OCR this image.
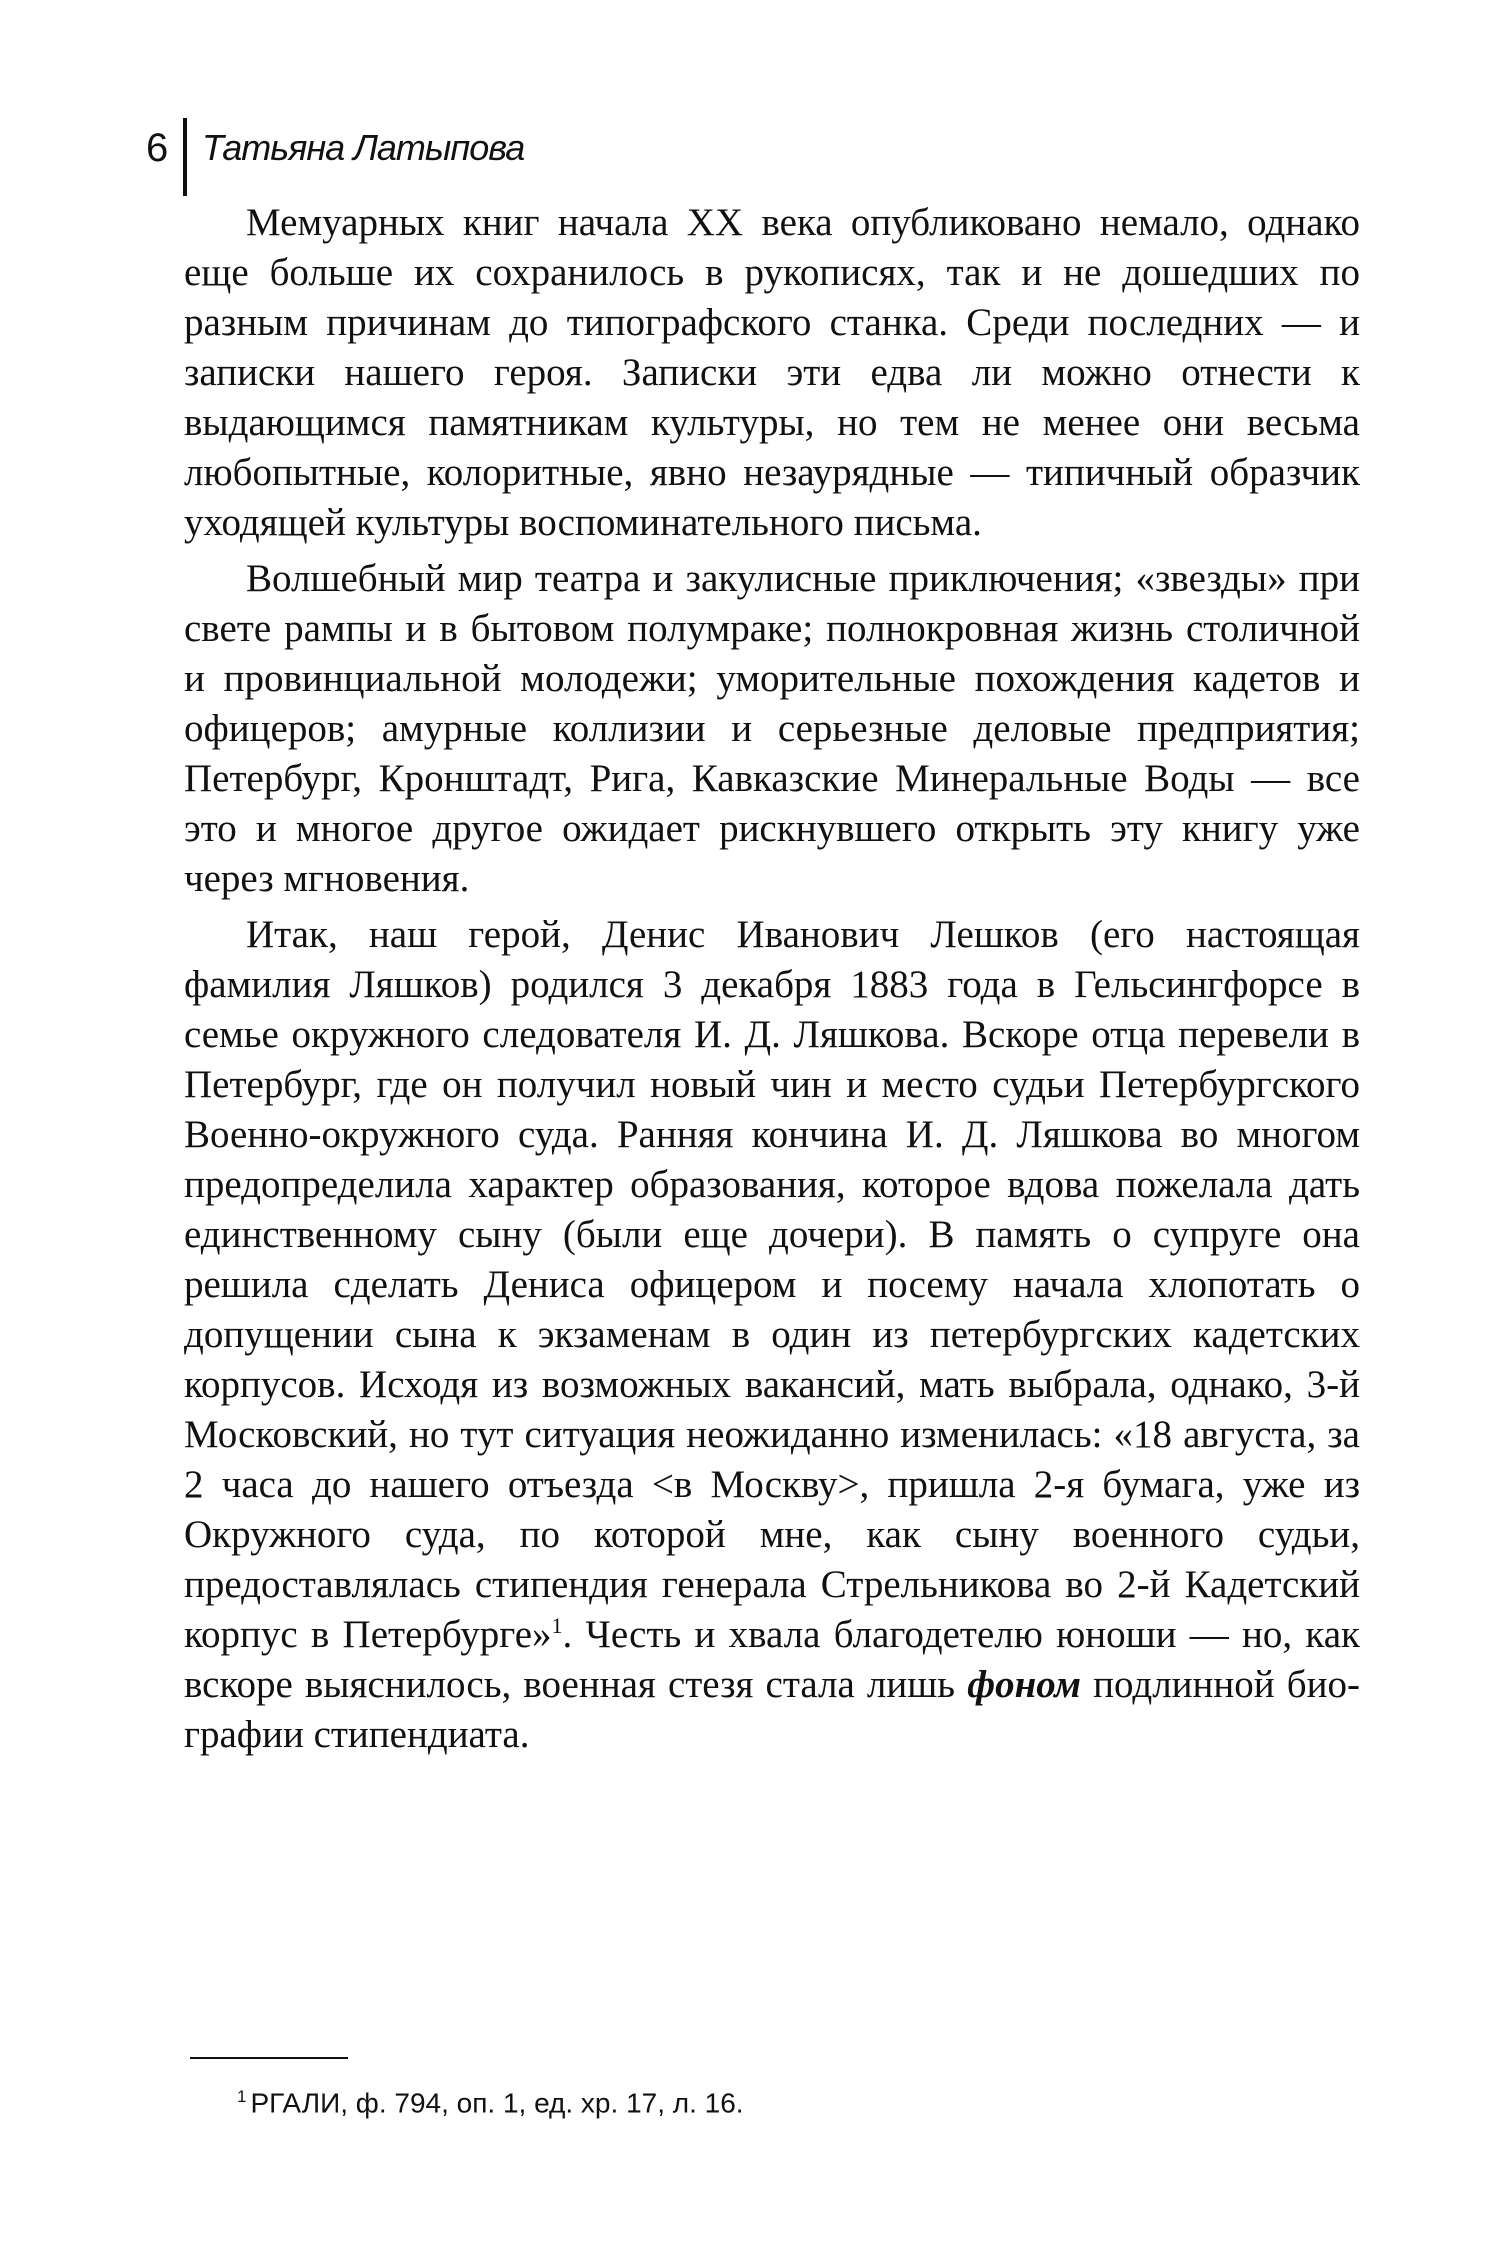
6 Татьяна Латыпова

Мемуарных книг начала XX века опубликовано немало, однако еще больше их сохранилось в рукописях, так и не дошедших по разным причинам до типографского станка. Среди последних — и записки нашего героя. Записки эти едва ли можно отнести к выдающимся памятникам культуры, но тем не менее они весьма любопытные, колоритные, явно незаурядные — типичный образчик уходящей культуры воспоминательного письма.

Волшебный мир театра и закулисные приключения; «звезды» при свете рампы и в бытовом полумраке; полнокровная жизнь столичной и провинциальной молодежи; уморительные похождения кадетов и офицеров; амурные коллизии и серьезные деловые предприятия; Петербург, Кронштадт, Рига, Кавказские Минеральные Воды — все это и многое другое ожидает рискнувшего открыть эту книгу уже через мгновения.

Итак, наш герой, Денис Иванович Лешков (его настоящая фамилия Ляшков) родился 3 декабря 1883 года в Гельсингфорсе в семье окружного следователя И. Д. Ляшкова. Вскоре отца перевели в Петербург, где он получил новый чин и место судьи Петербургского Военно-окружного суда. Ранняя кончина И. Д. Ляшкова во многом предопределила характер образования, которое вдова пожелала дать единственному сыну (были еще дочери). В память о супруге она решила сделать Дениса офицером и посему начала хлопотать о допущении сына к экзаменам в один из петербургских кадетских корпусов. Исходя из возможных вакансий, мать выбрала, однако, 3-й Московский, но тут ситуация неожиданно изменилась: «18 августа, за 2 часа до нашего отъезда <в Москву>, пришла 2-я бумага, уже из Окружного суда, по которой мне, как сыну военного судьи, предоставлялась стипендия генерала Стрельникова во 2-й Кадетский корпус в Петербурге»$^1$. Честь и хвала благодетелю юноши — но, как вскоре выяснилось, военная стезя стала лишь фоном подлинной биографии стипендиата.

$^1$ РГАЛИ, ф. 794, оп. 1, ед. хр. 17, л. 16.
